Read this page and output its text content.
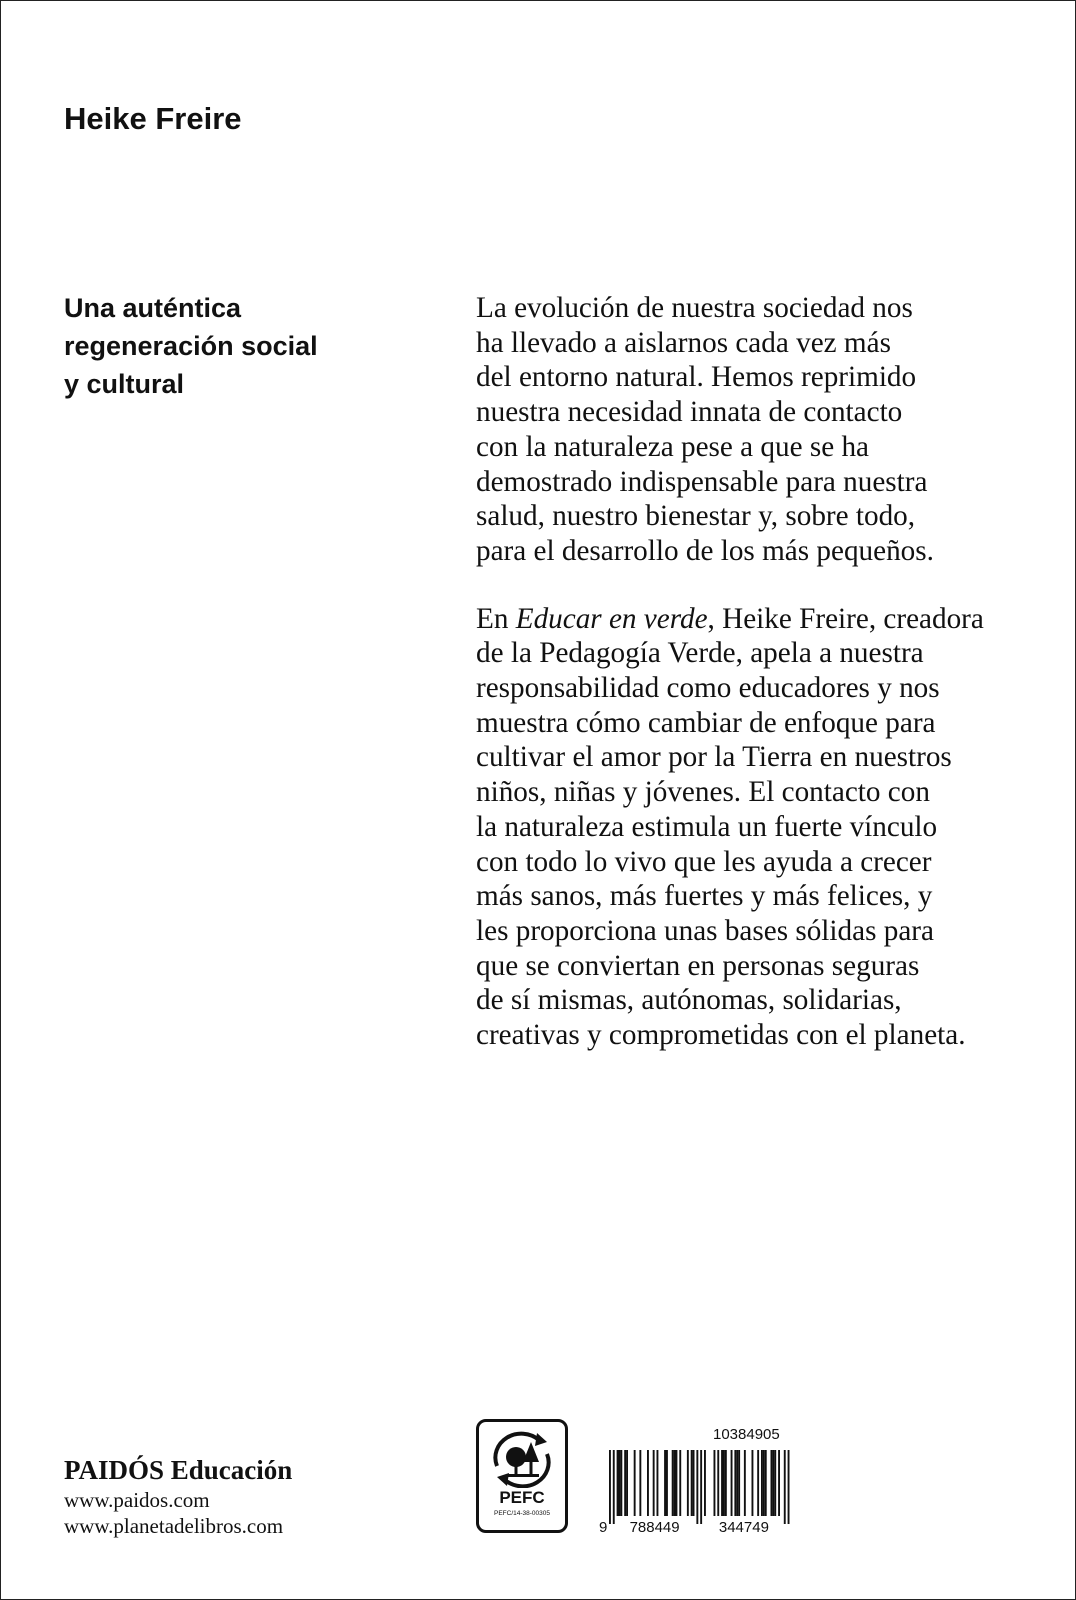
Heike Freire
Una auténtica
regeneración social
y cultural

La evolución de nuestra sociedad nos
ha llevado a aislarnos cada vez más
del entorno natural. Hemos reprimido
nuestra necesidad innata de contacto
con la naturaleza pese a que se ha
demostrado indispensable para nuestra
salud, nuestro bienestar y, sobre todo,
para el desarrollo de los más pequeños.

En Educar en verde, Heike Freire, creadora
de la Pedagogía Verde, apela a nuestra
responsabilidad como educadores y nos
muestra cómo cambiar de enfoque para
cultivar el amor por la Tierra en nuestros
niños, niñas y jóvenes. El contacto con
la naturaleza estimula un fuerte vínculo
con todo lo vivo que les ayuda a crecer
más sanos, más fuertes y más felices, y
les proporciona unas bases sólidas para
que se conviertan en personas seguras
de sí mismas, autónomas, solidarias,
creativas y comprometidas con el planeta.

PAIDÓS Educación
www.paidos.com
www.planetadelibros.com
PEFC
PEFC/14-38-00305
10384905
9 788449	344749
